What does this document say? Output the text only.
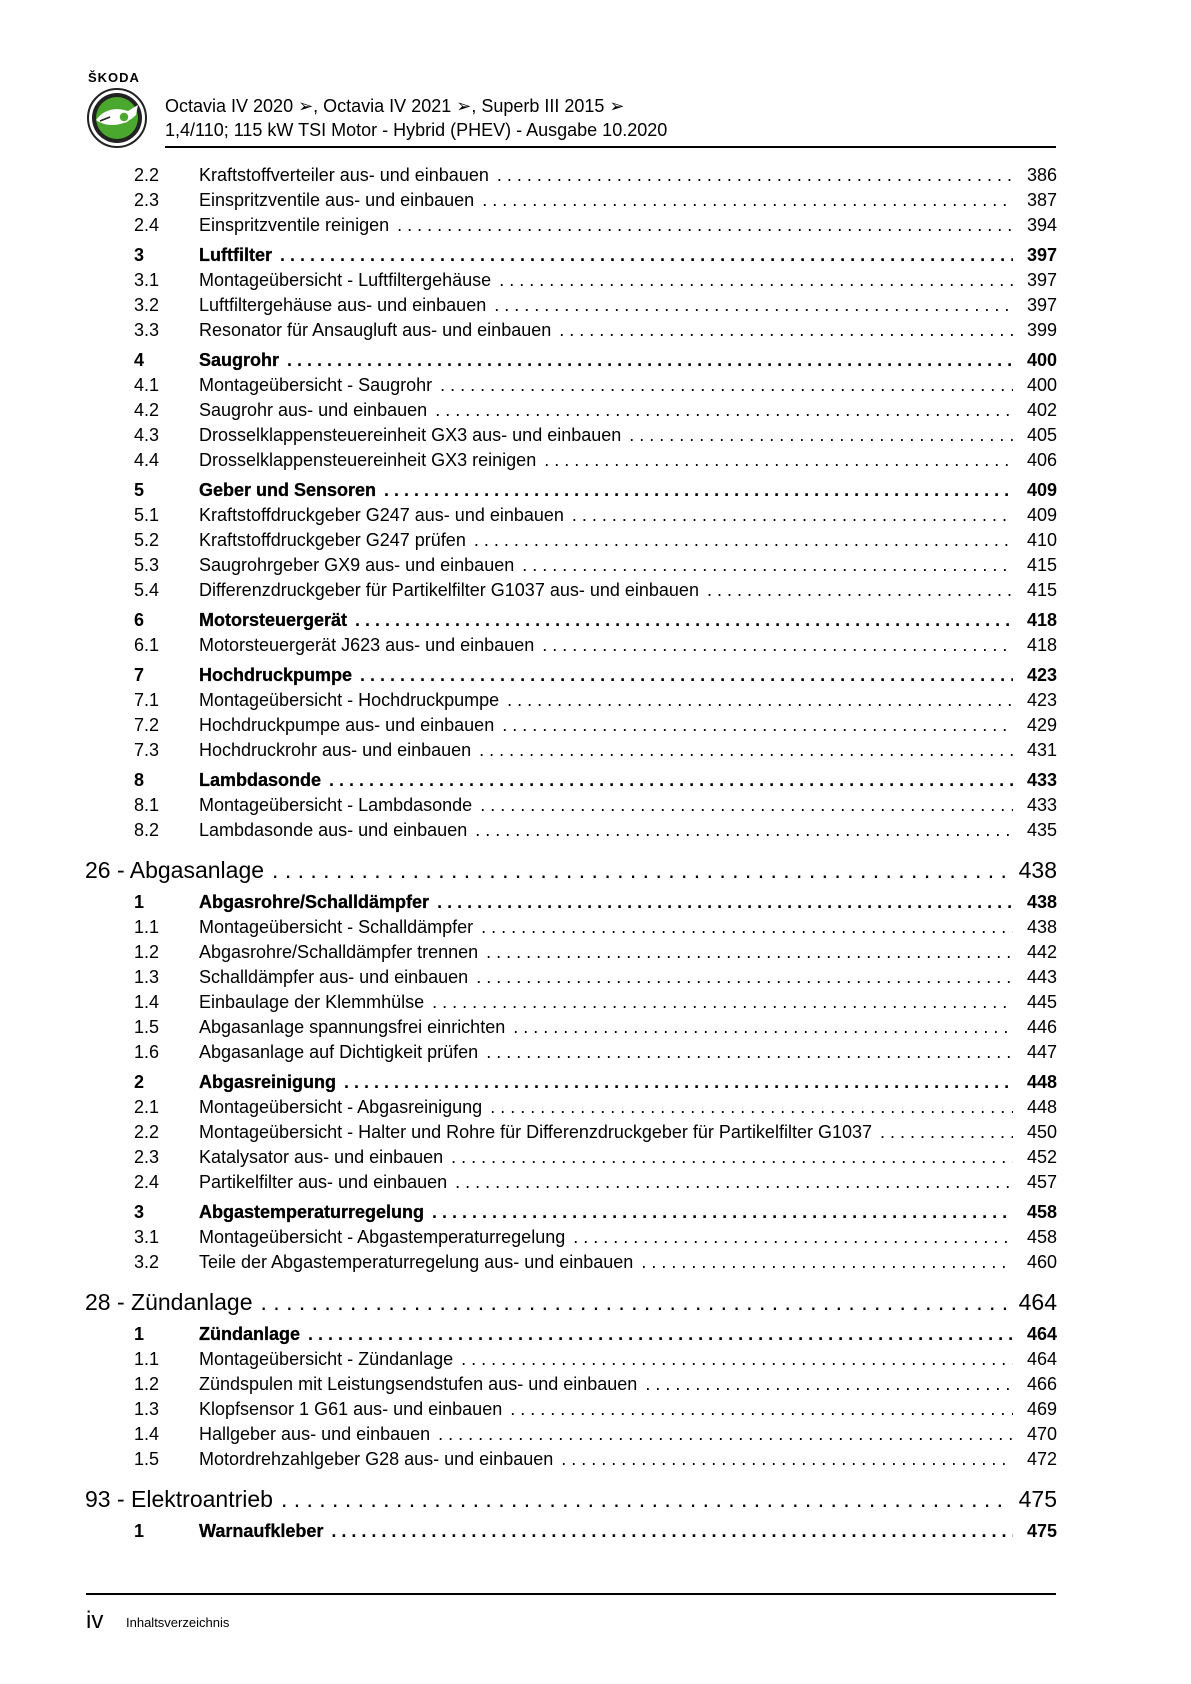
ŠKODA
Octavia IV 2020 ➢, Octavia IV 2021 ➢, Superb III 2015 ➢
1,4/110; 115 kW TSI Motor - Hybrid (PHEV) - Ausgabe 10.2020
2.2	Kraftstoffverteiler aus- und einbauen . . .	386
2.3	Einspritzventile aus- und einbauen . . .	387
2.4	Einspritzventile reinigen . . .	394
3	Luftfilter . . .	397
3.1	Montageübersicht - Luftfiltergehäuse . . .	397
3.2	Luftfiltergehäuse aus- und einbauen . . .	397
3.3	Resonator für Ansaugluft aus- und einbauen . . .	399
4	Saugrohr . . .	400
4.1	Montageübersicht - Saugrohr . . .	400
4.2	Saugrohr aus- und einbauen . . .	402
4.3	Drosselklappensteuereinheit GX3 aus- und einbauen . . .	405
4.4	Drosselklappensteuereinheit GX3 reinigen . . .	406
5	Geber und Sensoren . . .	409
5.1	Kraftstoffdruckgeber G247 aus- und einbauen . . .	409
5.2	Kraftstoffdruckgeber G247 prüfen . . .	410
5.3	Saugrohrgeber GX9 aus- und einbauen . . .	415
5.4	Differenzdruckgeber für Partikelfilter G1037 aus- und einbauen . . .	415
6	Motorsteuergerät . . .	418
6.1	Motorsteuergerät J623 aus- und einbauen . . .	418
7	Hochdruckpumpe . . .	423
7.1	Montageübersicht - Hochdruckpumpe . . .	423
7.2	Hochdruckpumpe aus- und einbauen . . .	429
7.3	Hochdruckrohr aus- und einbauen . . .	431
8	Lambdasonde . . .	433
8.1	Montageübersicht - Lambdasonde . . .	433
8.2	Lambdasonde aus- und einbauen . . .	435
26 - Abgasanlage . . .	438
1	Abgasrohre/Schalldämpfer . . .	438
1.1	Montageübersicht - Schalldämpfer . . .	438
1.2	Abgasrohre/Schalldämpfer trennen . . .	442
1.3	Schalldämpfer aus- und einbauen . . .	443
1.4	Einbaulage der Klemmhülse . . .	445
1.5	Abgasanlage spannungsfrei einrichten . . .	446
1.6	Abgasanlage auf Dichtigkeit prüfen . . .	447
2	Abgasreinigung . . .	448
2.1	Montageübersicht - Abgasreinigung . . .	448
2.2	Montageübersicht - Halter und Rohre für Differenzdruckgeber für Partikelfilter G1037 . . .	450
2.3	Katalysator aus- und einbauen . . .	452
2.4	Partikelfilter aus- und einbauen . . .	457
3	Abgastemperaturregelung . . .	458
3.1	Montageübersicht - Abgastemperaturregelung . . .	458
3.2	Teile der Abgastemperaturregelung aus- und einbauen . . .	460
28 - Zündanlage . . .	464
1	Zündanlage . . .	464
1.1	Montageübersicht - Zündanlage . . .	464
1.2	Zündspulen mit Leistungsendstufen aus- und einbauen . . .	466
1.3	Klopfsensor 1 G61 aus- und einbauen . . .	469
1.4	Hallgeber aus- und einbauen . . .	470
1.5	Motordrehzahlgeber G28 aus- und einbauen . . .	472
93 - Elektroantrieb . . .	475
1	Warnaufkleber . . .	475
iv Inhaltsverzeichnis
